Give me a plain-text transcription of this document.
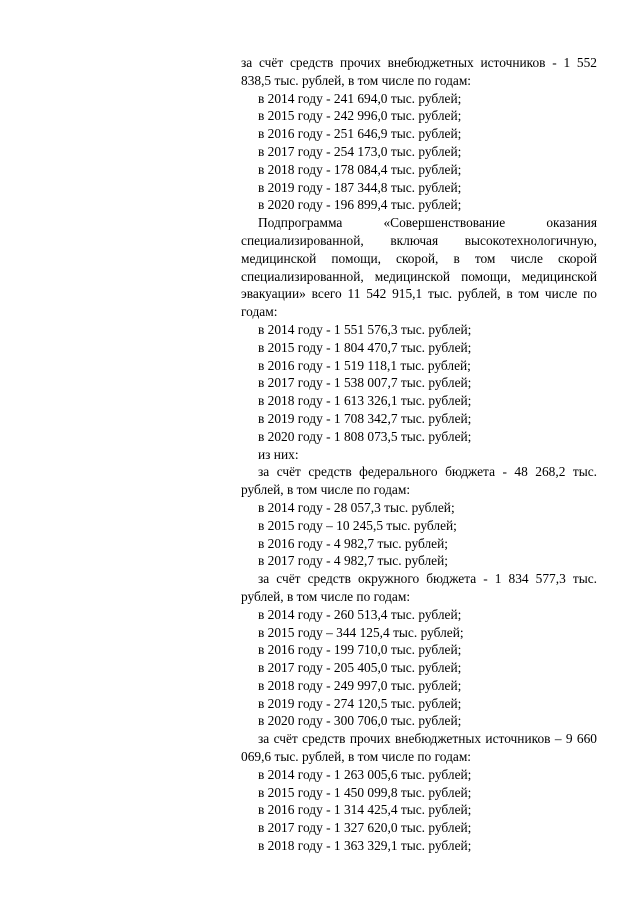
за счёт средств прочих внебюджетных источников - 1 552 838,5 тыс. рублей, в том числе по годам:

в 2014 году - 241 694,0 тыс. рублей;

в 2015 году - 242 996,0 тыс. рублей;

в 2016 году - 251 646,9 тыс. рублей;

в 2017 году - 254 173,0 тыс. рублей;

в 2018 году - 178 084,4 тыс. рублей;

в 2019 году - 187 344,8 тыс. рублей;

в 2020 году - 196 899,4 тыс. рублей;

Подпрограмма «Совершенствование оказания специализированной, включая высокотехнологичную, медицинской помощи, скорой, в том числе скорой специализированной, медицинской помощи, медицинской эвакуации» всего 11 542 915,1 тыс. рублей, в том числе по годам:

в 2014 году - 1 551 576,3 тыс. рублей;

в 2015 году - 1 804 470,7 тыс. рублей;

в 2016 году - 1 519 118,1 тыс. рублей;

в 2017 году - 1 538 007,7 тыс. рублей;

в 2018 году - 1 613 326,1 тыс. рублей;

в 2019 году - 1 708 342,7 тыс. рублей;

в 2020 году - 1 808 073,5 тыс. рублей;

из них:

за счёт средств федерального бюджета - 48 268,2 тыс. рублей, в том числе по годам:

в 2014 году - 28 057,3 тыс. рублей;

в 2015 году – 10 245,5 тыс. рублей;

в 2016 году - 4 982,7 тыс. рублей;

в 2017 году - 4 982,7 тыс. рублей;

за счёт средств окружного бюджета - 1 834 577,3 тыс. рублей, в том числе по годам:

в 2014 году - 260 513,4 тыс. рублей;

в 2015 году – 344 125,4 тыс. рублей;

в 2016 году - 199 710,0 тыс. рублей;

в 2017 году - 205 405,0 тыс. рублей;

в 2018 году - 249 997,0 тыс. рублей;

в 2019 году - 274 120,5 тыс. рублей;

в 2020 году - 300 706,0 тыс. рублей;

за счёт средств прочих внебюджетных источников – 9 660 069,6 тыс. рублей, в том числе по годам:

в 2014 году - 1 263 005,6 тыс. рублей;

в 2015 году - 1 450 099,8 тыс. рублей;

в 2016 году - 1 314 425,4 тыс. рублей;

в 2017 году - 1 327 620,0 тыс. рублей;

в 2018 году - 1 363 329,1 тыс. рублей;
